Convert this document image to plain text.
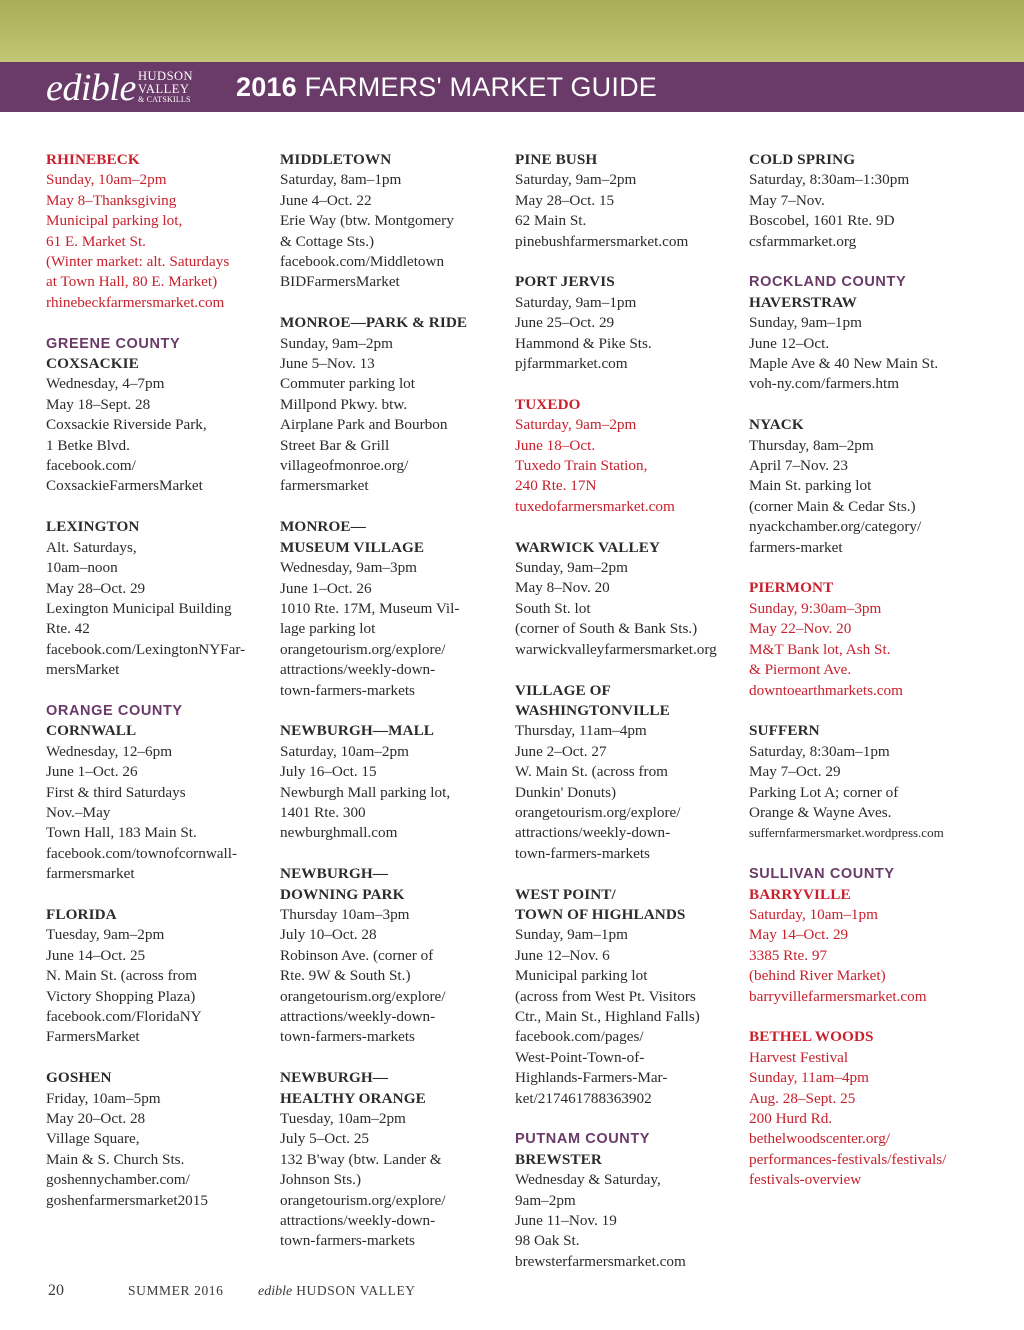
edible HUDSON
VALLEY
& CATSKILLS	2016 FARMERS' MARKET GUIDE
RHINEBECK
Sunday, 10am–2pm
May 8–Thanksgiving
Municipal parking lot,
61 E. Market St.
(Winter market: alt. Saturdays
at Town Hall, 80 E. Market)
rhinebeckfarmersmarket.com
GREENE COUNTY
COXSACKIE
Wednesday, 4–7pm
May 18–Sept. 28
Coxsackie Riverside Park,
1 Betke Blvd.
facebook.com/
CoxsackieFarmersMarket
LEXINGTON
Alt. Saturdays,
10am–noon
May 28–Oct. 29
Lexington Municipal Building
Rte. 42
facebook.com/LexingtonNYFar-
mersMarket
ORANGE COUNTY
CORNWALL
Wednesday, 12–6pm
June 1–Oct. 26
First & third Saturdays
Nov.–May
Town Hall, 183 Main St.
facebook.com/townofcornwall-
farmersmarket
FLORIDA
Tuesday, 9am–2pm
June 14–Oct. 25
N. Main St. (across from
Victory Shopping Plaza)
facebook.com/FloridaNY
FarmersMarket
GOSHEN
Friday, 10am–5pm
May 20–Oct. 28
Village Square,
Main & S. Church Sts.
goshennychamber.com/
goshenfarmersmarket2015
MIDDLETOWN
Saturday, 8am–1pm
June 4–Oct. 22
Erie Way (btw. Montgomery
& Cottage Sts.)
facebook.com/Middletown
BIDFarmersMarket
MONROE—PARK & RIDE
Sunday, 9am–2pm
June 5–Nov. 13
Commuter parking lot
Millpond Pkwy. btw.
Airplane Park and Bourbon
Street Bar & Grill
villageofmonroe.org/
farmersmarket
MONROE—
MUSEUM VILLAGE
Wednesday, 9am–3pm
June 1–Oct. 26
1010 Rte. 17M, Museum Vil-
lage parking lot
orangetourism.org/explore/
attractions/weekly-down-
town-farmers-markets
NEWBURGH—MALL
Saturday, 10am–2pm
July 16–Oct. 15
Newburgh Mall parking lot,
1401 Rte. 300
newburghmall.com
NEWBURGH—
DOWNING PARK
Thursday 10am–3pm
July 10–Oct. 28
Robinson Ave. (corner of
Rte. 9W & South St.)
orangetourism.org/explore/
attractions/weekly-down-
town-farmers-markets
NEWBURGH—
HEALTHY ORANGE
Tuesday, 10am–2pm
July 5–Oct. 25
132 B'way (btw. Lander &
Johnson Sts.)
orangetourism.org/explore/
attractions/weekly-down-
town-farmers-markets
PINE BUSH
Saturday, 9am–2pm
May 28–Oct. 15
62 Main St.
pinebushfarmersmarket.com
PORT JERVIS
Saturday, 9am–1pm
June 25–Oct. 29
Hammond & Pike Sts.
pjfarmmarket.com
TUXEDO
Saturday, 9am–2pm
June 18–Oct.
Tuxedo Train Station,
240 Rte. 17N
tuxedofarmersmarket.com
WARWICK VALLEY
Sunday, 9am–2pm
May 8–Nov. 20
South St. lot
(corner of South & Bank Sts.)
warwickvalleyfarmersmarket.org
VILLAGE OF
WASHINGTONVILLE
Thursday, 11am–4pm
June 2–Oct. 27
W. Main St. (across from
Dunkin' Donuts)
orangetourism.org/explore/
attractions/weekly-down-
town-farmers-markets
WEST POINT/
TOWN OF HIGHLANDS
Sunday, 9am–1pm
June 12–Nov. 6
Municipal parking lot
(across from West Pt. Visitors
Ctr., Main St., Highland Falls)
facebook.com/pages/
West-Point-Town-of-
Highlands-Farmers-Mar-
ket/217461788363902
PUTNAM COUNTY
BREWSTER
Wednesday & Saturday,
9am–2pm
June 11–Nov. 19
98 Oak St.
brewsterfarmersmarket.com
COLD SPRING
Saturday, 8:30am–1:30pm
May 7–Nov.
Boscobel, 1601 Rte. 9D
csfarmmarket.org
ROCKLAND COUNTY
HAVERSTRAW
Sunday, 9am–1pm
June 12–Oct.
Maple Ave & 40 New Main St.
voh-ny.com/farmers.htm
NYACK
Thursday, 8am–2pm
April 7–Nov. 23
Main St. parking lot
(corner Main & Cedar Sts.)
nyackchamber.org/category/
farmers-market
PIERMONT
Sunday, 9:30am–3pm
May 22–Nov. 20
M&T Bank lot, Ash St.
& Piermont Ave.
downtoearthmarkets.com
SUFFERN
Saturday, 8:30am–1pm
May 7–Oct. 29
Parking Lot A; corner of
Orange & Wayne Aves.
suffernfarmersmarket.wordpress.com
SULLIVAN COUNTY
BARRYVILLE
Saturday, 10am–1pm
May 14–Oct. 29
3385 Rte. 97
(behind River Market)
barryvillefarmersmarket.com
BETHEL WOODS
Harvest Festival
Sunday, 11am–4pm
Aug. 28–Sept. 25
200 Hurd Rd.
bethelwoodscenter.org/
performances-festivals/festivals/
festivals-overview
20	SUMMER 2016 edible HUDSON VALLEY
